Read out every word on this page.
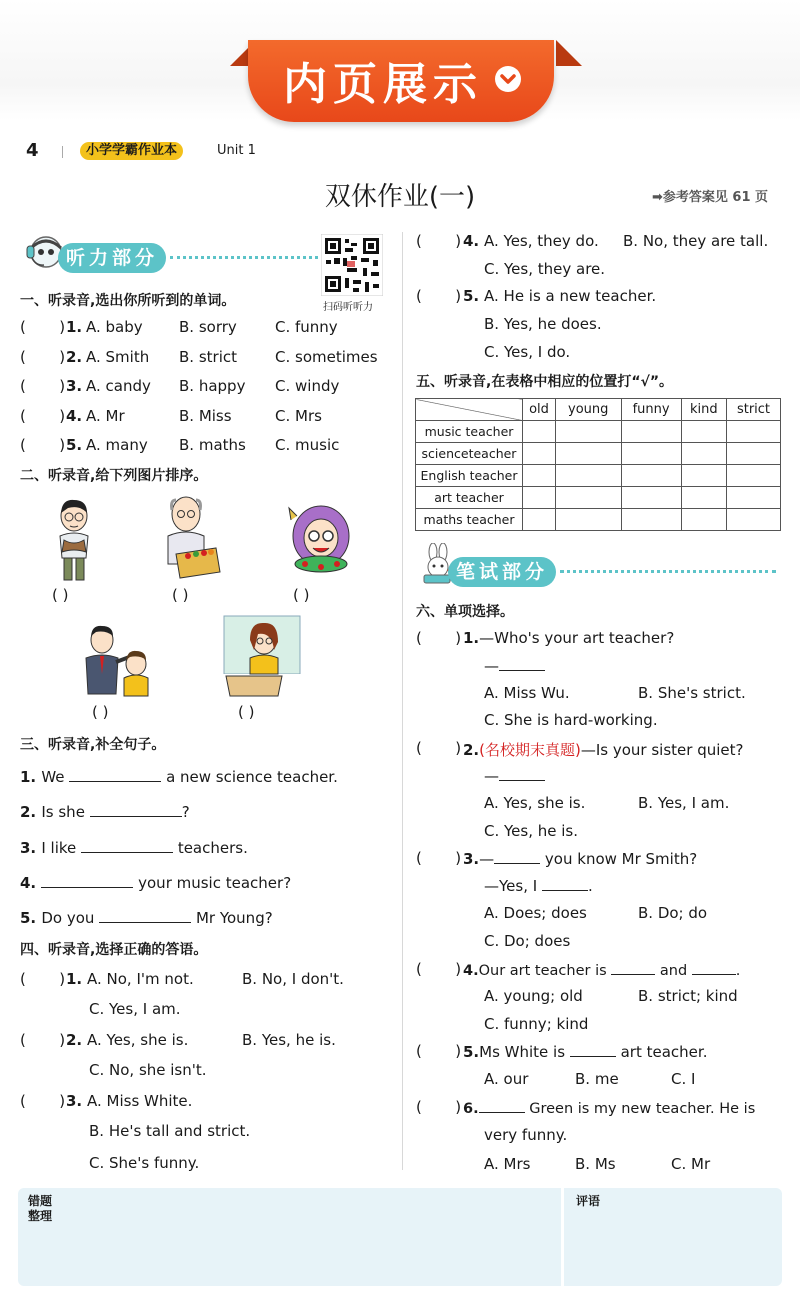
内页展示
4	小学学霸作业本	Unit 1
双休作业(一)	➡参考答案见 61 页
听力部分
扫码听听力
一、听录音,选出你所听到的单词。
二、听录音,给下列图片排序。
( )	( )	( )
( )	( )
三、听录音,补全句子。
四、听录音,选择正确的答语。
五、听录音,在表格中相应的位置打“√”。
	old	young	funny	kind	strict
music teacher					
scienceteacher					
English teacher					
art teacher					
maths teacher					
笔试部分
六、单项选择。
(       ) 1.—Who's your art teacher?
—
A. Miss Wu.	B. She's strict.
C. She is hard-working.
(       ) 2.(名校期末真题)—Is your sister quiet?
—
A. Yes, she is.	B. Yes, I am.
C. Yes, he is.
(       ) 3.—	you know Mr Smith?
—Yes, I	.
A. Does; does	B. Do; do
C. Do; does
(       ) 4.Our art teacher is	and	.
A. young; old	B. strict; kind
C. funny; kind
(       ) 5.Ms White is	art teacher.
A. our	B. me	C. I
(       ) 6.	Green is my new teacher. He is
very funny.
A. Mrs	B. Ms	C. Mr
错题
整理
评语
(       ) 1. A. baby B. sorry	C. funny
(       ) 2. A. Smith B. strict	C. sometimes
(       ) 3. A. candy B. happy C. windy
(       ) 4. A. Mr	B. Miss	C. Mrs
(       ) 5. A. many B. maths C. music
1. We	a new science teacher.
2. Is she	?
3. I like	teachers.
4.	your music teacher?
5. Do you	Mr Young?
(       ) 1. A. No, I'm not.	B. No, I don't.
C. Yes, I am.
(       ) 2. A. Yes, she is.	B. Yes, he is.
C. No, she isn't.
(       ) 3. A. Miss White.
B. He's tall and strict.
C. She's funny.
(       ) 4. A. Yes, they do. B. No, they are tall.
C. Yes, they are.
(       ) 5. A. He is a new teacher.
B. Yes, he does.
C. Yes, I do.
